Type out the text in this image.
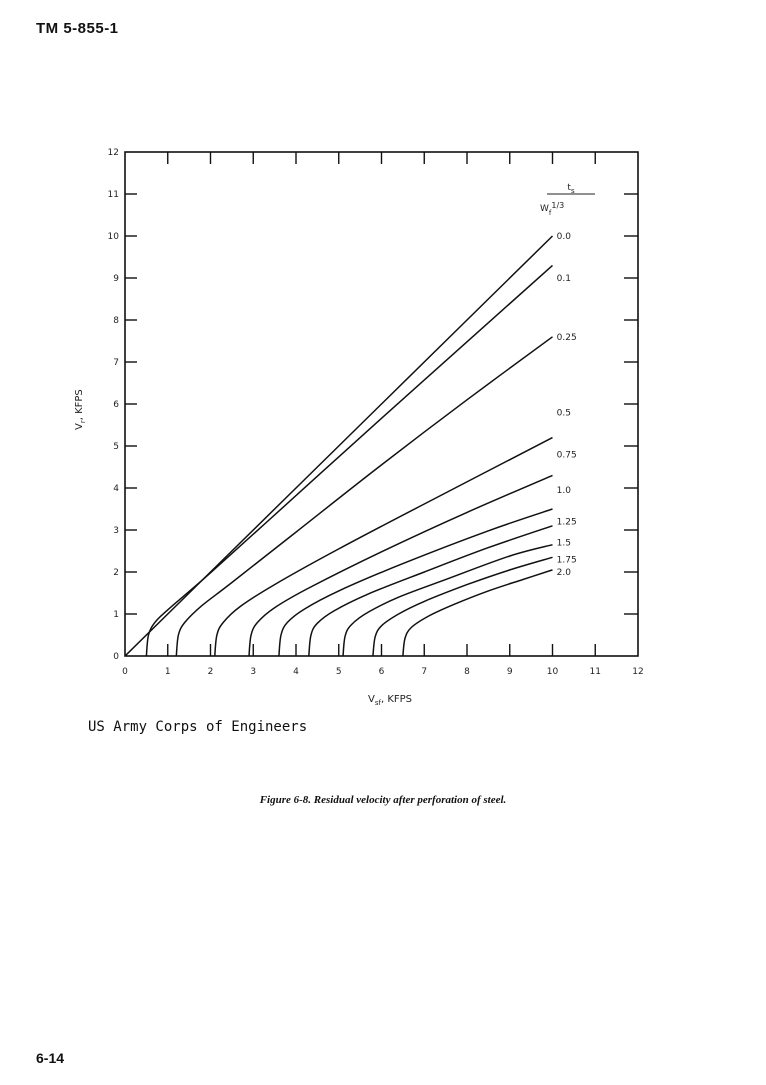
TM 5-855-1
0	1	2	3	4	5	6	7	8	9	10	11	12
0
1
2
3
4
5
6
7
8
9
10
11
12
0.0
0.1
0.25
0.5
0.75
1.0
1.25
1.5
1.75
2.0
$t_s$
$W_f1/3$
$V_{sf}$, KFPS
$V_r$, KFPS
US Army Corps of Engineers
Figure 6-8. Residual velocity after perforation of steel.
6-14
